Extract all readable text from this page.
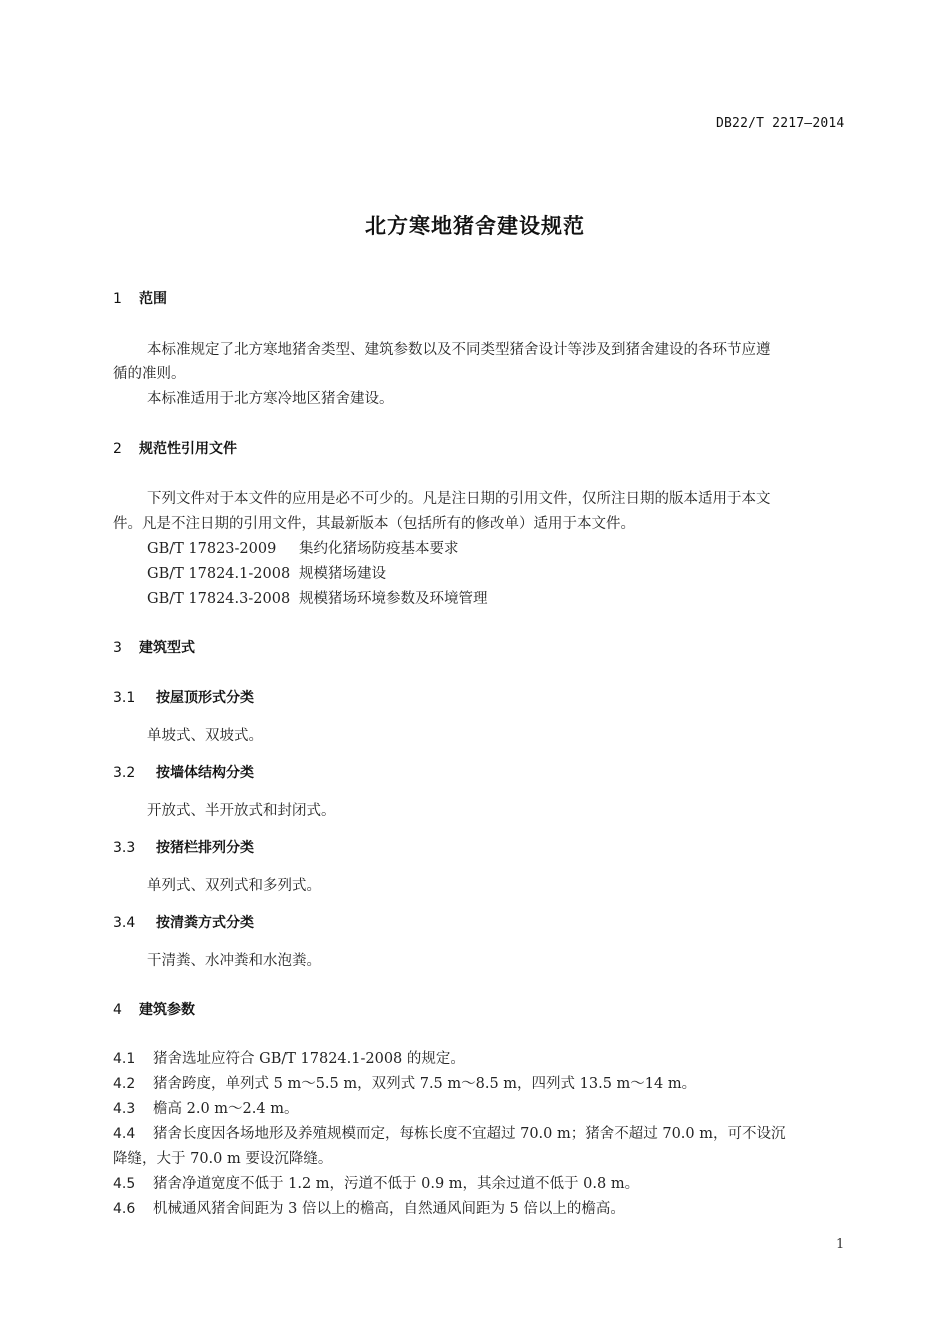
DB22/T 2217—2014
北方寒地猪舍建设规范
1 范围
本标准规定了北方寒地猪舍类型、建筑参数以及不同类型猪舍设计等涉及到猪舍建设的各环节应遵
循的准则。
本标准适用于北方寒冷地区猪舍建设。
2 规范性引用文件
下列文件对于本文件的应用是必不可少的。凡是注日期的引用文件，仅所注日期的版本适用于本文
件。凡是不注日期的引用文件，其最新版本（包括所有的修改单）适用于本文件。
GB/T 17823-2009 集约化猪场防疫基本要求
GB/T 17824.1-2008 规模猪场建设
GB/T 17824.3-2008 规模猪场环境参数及环境管理
3 建筑型式
3.1 按屋顶形式分类
单坡式、双坡式。
3.2 按墙体结构分类
开放式、半开放式和封闭式。
3.3 按猪栏排列分类
单列式、双列式和多列式。
3.4 按清粪方式分类
干清粪、水冲粪和水泡粪。
4 建筑参数
4.1 猪舍选址应符合 GB/T 17824.1-2008 的规定。
4.2 猪舍跨度，单列式 5 m～5.5 m，双列式 7.5 m～8.5 m，四列式 13.5 m～14 m。
4.3 檐高 2.0 m～2.4 m。
4.4 猪舍长度因各场地形及养殖规模而定，每栋长度不宜超过 70.0 m；猪舍不超过 70.0 m，可不设沉
降缝，大于 70.0 m 要设沉降缝。
4.5 猪舍净道宽度不低于 1.2 m，污道不低于 0.9 m，其余过道不低于 0.8 m。
4.6 机械通风猪舍间距为 3 倍以上的檐高，自然通风间距为 5 倍以上的檐高。
1
